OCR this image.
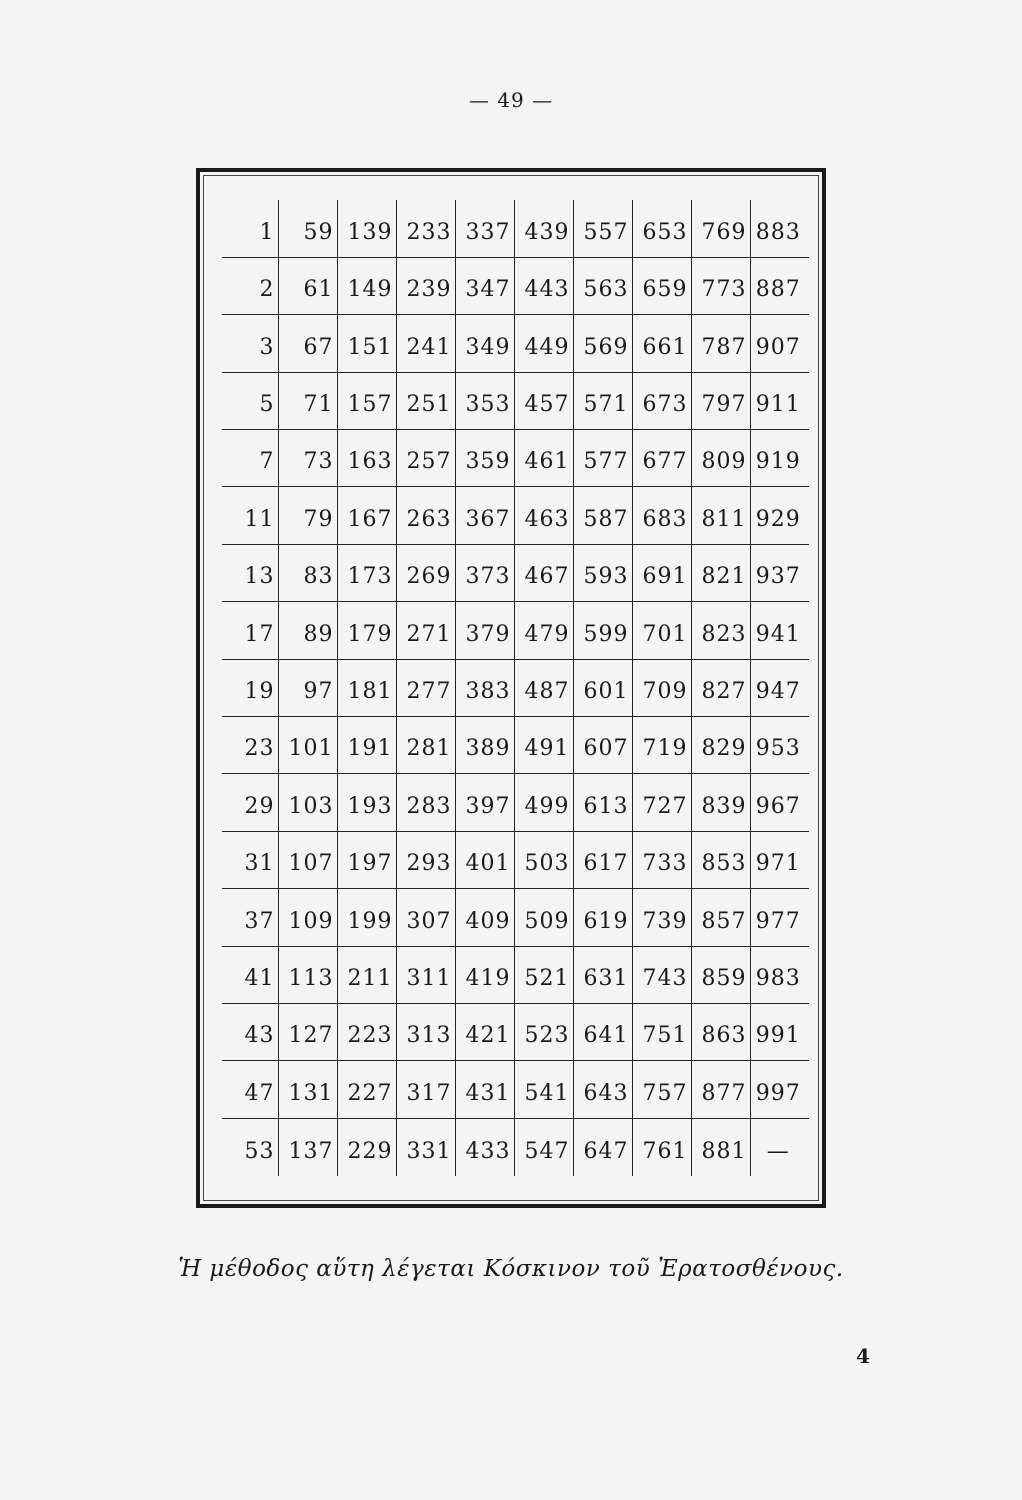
— 49 —
1	59	139	233	337	439	557	653	769	883
2	61	149	239	347	443	563	659	773	887
3	67	151	241	349	449	569	661	787	907
5	71	157	251	353	457	571	673	797	911
7	73	163	257	359	461	577	677	809	919
11	79	167	263	367	463	587	683	811	929
13	83	173	269	373	467	593	691	821	937
17	89	179	271	379	479	599	701	823	941
19	97	181	277	383	487	601	709	827	947
23	101	191	281	389	491	607	719	829	953
29	103	193	283	397	499	613	727	839	967
31	107	197	293	401	503	617	733	853	971
37	109	199	307	409	509	619	739	857	977
41	113	211	311	419	521	631	743	859	983
43	127	223	313	421	523	641	751	863	991
47	131	227	317	431	541	643	757	877	997
53	137	229	331	433	547	647	761	881	—
Ἡ μέθοδος αὕτη λέγεται Κόσκινον τοῦ Ἐρατοσθένους.
4
